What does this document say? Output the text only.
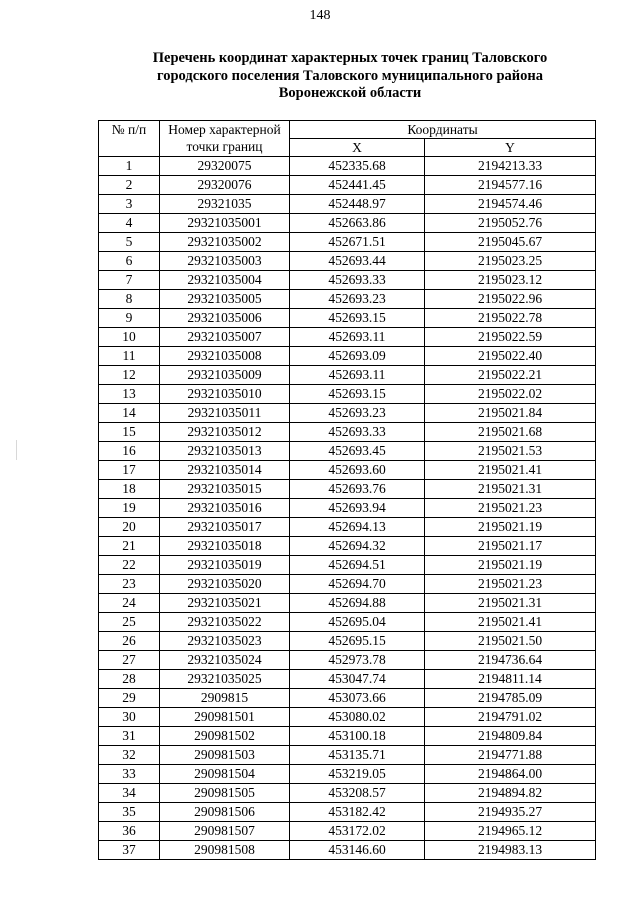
148
Перечень координат характерных точек границ Таловского
городского поселения Таловского муниципального района
Воронежской области
№ п/п	Номер характерной
точки границ	Координаты	
		X	Y
1	29320075	452335.68	2194213.33
2	29320076	452441.45	2194577.16
3	29321035	452448.97	2194574.46
4	29321035001	452663.86	2195052.76
5	29321035002	452671.51	2195045.67
6	29321035003	452693.44	2195023.25
7	29321035004	452693.33	2195023.12
8	29321035005	452693.23	2195022.96
9	29321035006	452693.15	2195022.78
10	29321035007	452693.11	2195022.59
11	29321035008	452693.09	2195022.40
12	29321035009	452693.11	2195022.21
13	29321035010	452693.15	2195022.02
14	29321035011	452693.23	2195021.84
15	29321035012	452693.33	2195021.68
16	29321035013	452693.45	2195021.53
17	29321035014	452693.60	2195021.41
18	29321035015	452693.76	2195021.31
19	29321035016	452693.94	2195021.23
20	29321035017	452694.13	2195021.19
21	29321035018	452694.32	2195021.17
22	29321035019	452694.51	2195021.19
23	29321035020	452694.70	2195021.23
24	29321035021	452694.88	2195021.31
25	29321035022	452695.04	2195021.41
26	29321035023	452695.15	2195021.50
27	29321035024	452973.78	2194736.64
28	29321035025	453047.74	2194811.14
29	2909815	453073.66	2194785.09
30	290981501	453080.02	2194791.02
31	290981502	453100.18	2194809.84
32	290981503	453135.71	2194771.88
33	290981504	453219.05	2194864.00
34	290981505	453208.57	2194894.82
35	290981506	453182.42	2194935.27
36	290981507	453172.02	2194965.12
37	290981508	453146.60	2194983.13
